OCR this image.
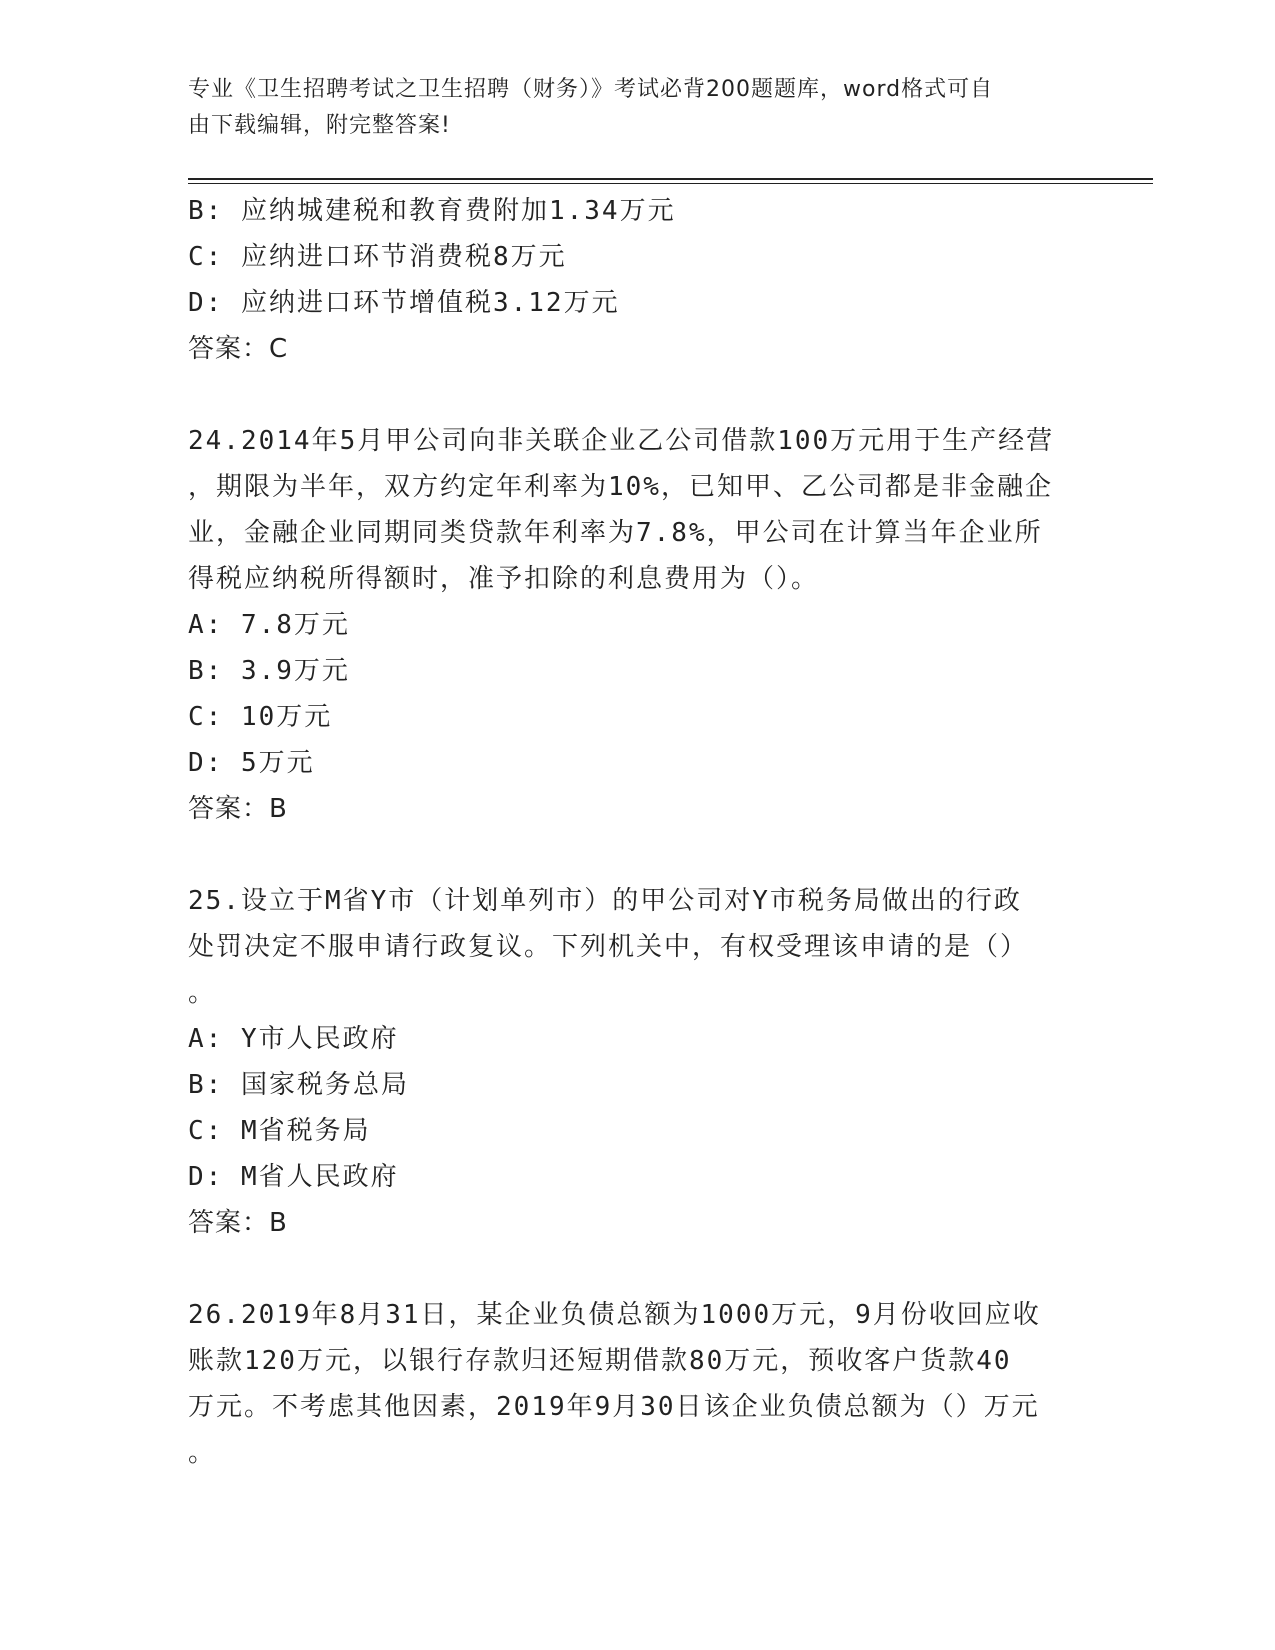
专业《卫生招聘考试之卫生招聘（财务）》考试必背200题题库，word格式可自
由下载编辑，附完整答案!

B: 应纳城建税和教育费附加1.34万元

C: 应纳进口环节消费税8万元

D: 应纳进口环节增值税3.12万元

答案：C

24.2014年5月甲公司向非关联企业乙公司借款100万元用于生产经营

，期限为半年，双方约定年利率为10%，已知甲、乙公司都是非金融企

业，金融企业同期同类贷款年利率为7.8%，甲公司在计算当年企业所

得税应纳税所得额时，准予扣除的利息费用为（）。

A: 7.8万元

B: 3.9万元

C: 10万元

D: 5万元

答案：B

25.设立于M省Y市（计划单列市）的甲公司对Y市税务局做出的行政

处罚决定不服申请行政复议。下列机关中，有权受理该申请的是（）

。

A: Y市人民政府

B: 国家税务总局

C: M省税务局

D: M省人民政府

答案：B

26.2019年8月31日，某企业负债总额为1000万元，9月份收回应收

账款120万元，以银行存款归还短期借款80万元，预收客户货款40

万元。不考虑其他因素，2019年9月30日该企业负债总额为（）万元

。
